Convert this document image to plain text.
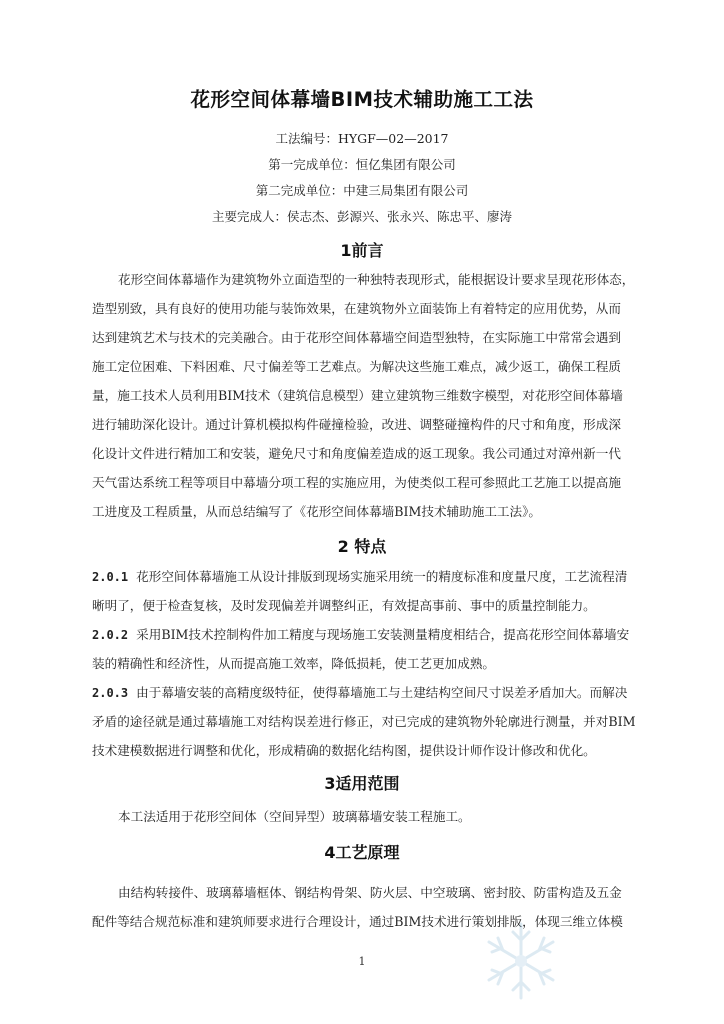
花形空间体幕墙BIM技术辅助施工工法
工法编号：HYGF—02—2017
第一完成单位：恒亿集团有限公司
第二完成单位：中建三局集团有限公司
主要完成人：侯志杰、彭源兴、张永兴、陈忠平、廖涛
1前言
花形空间体幕墙作为建筑物外立面造型的一种独特表现形式，能根据设计要求呈现花形体态，
造型别致，具有良好的使用功能与装饰效果，在建筑物外立面装饰上有着特定的应用优势，从而
达到建筑艺术与技术的完美融合。由于花形空间体幕墙空间造型独特，在实际施工中常常会遇到
施工定位困难、下料困难、尺寸偏差等工艺难点。为解决这些施工难点，减少返工，确保工程质
量，施工技术人员利用BIM技术（建筑信息模型）建立建筑物三维数字模型，对花形空间体幕墙
进行辅助深化设计。通过计算机模拟构件碰撞检验，改进、调整碰撞构件的尺寸和角度，形成深
化设计文件进行精加工和安装，避免尺寸和角度偏差造成的返工现象。我公司通过对漳州新一代
天气雷达系统工程等项目中幕墙分项工程的实施应用，为使类似工程可参照此工艺施工以提高施
工进度及工程质量，从而总结编写了《花形空间体幕墙BIM技术辅助施工工法》。
2 特点
2.0.1 花形空间体幕墙施工从设计排版到现场实施采用统一的精度标准和度量尺度，工艺流程清
晰明了，便于检查复核，及时发现偏差并调整纠正，有效提高事前、事中的质量控制能力。
2.0.2 采用BIM技术控制构件加工精度与现场施工安装测量精度相结合，提高花形空间体幕墙安
装的精确性和经济性，从而提高施工效率，降低损耗，使工艺更加成熟。
2.0.3 由于幕墙安装的高精度级特征，使得幕墙施工与土建结构空间尺寸误差矛盾加大。而解决
矛盾的途径就是通过幕墙施工对结构误差进行修正，对已完成的建筑物外轮廓进行测量，并对BIM
技术建模数据进行调整和优化，形成精确的数据化结构图，提供设计师作设计修改和优化。
3适用范围
本工法适用于花形空间体（空间异型）玻璃幕墙安装工程施工。
4工艺原理
由结构转接件、玻璃幕墙框体、钢结构骨架、防火层、中空玻璃、密封胶、防雷构造及五金
配件等结合规范标准和建筑师要求进行合理设计，通过BIM技术进行策划排版，体现三维立体模
1
